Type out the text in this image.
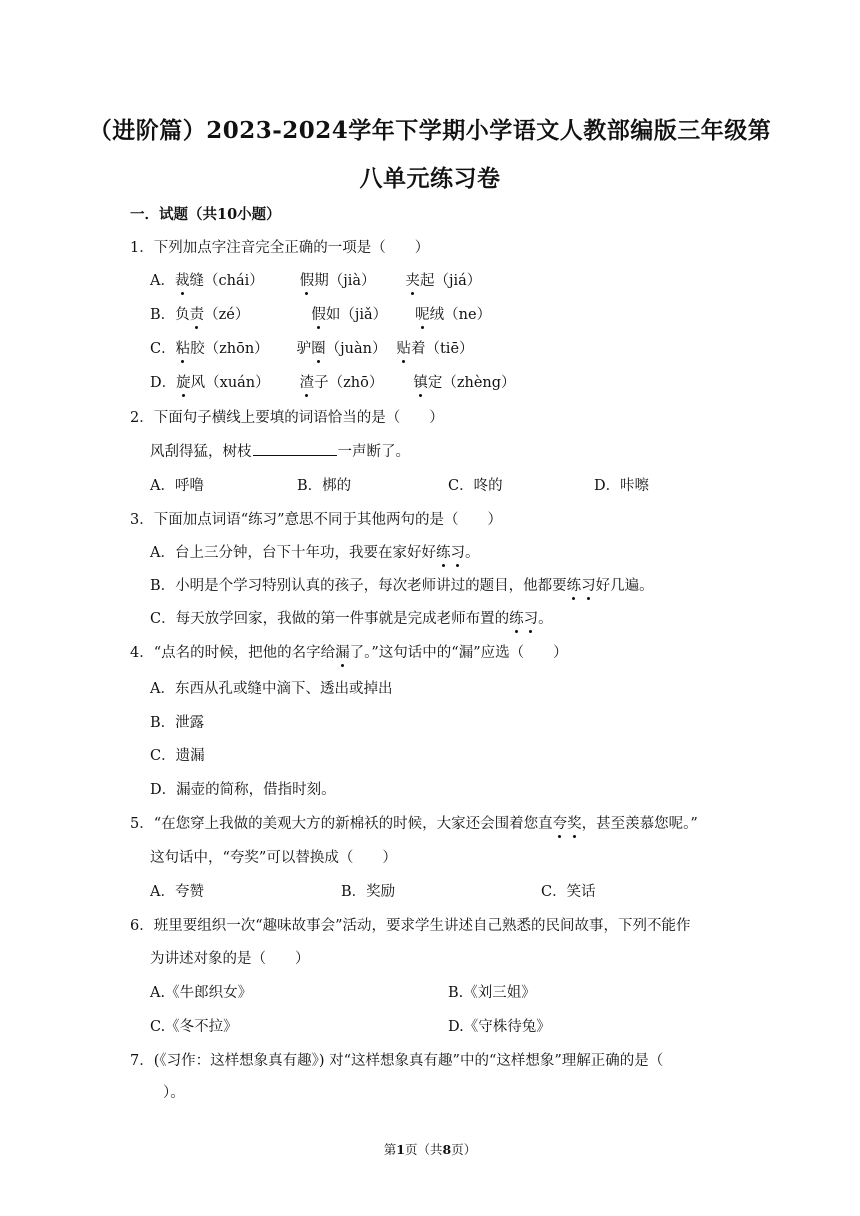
（进阶篇）2023-2024学年下学期小学语文人教部编版三年级第
八单元练习卷
一．试题（共10小题）
1．下列加点字注音完全正确的一项是（　　）
A．裁缝（chái） 假期（jià） 夹起（jiá）
B．负责（zé）	假如（jiǎ） 呢绒（ne）
C．粘胶（zhōn） 驴圈（juàn） 贴着（tiē）
D．旋风（xuán） 渣子（zhō） 镇定（zhèng）
2．下面句子横线上要填的词语恰当的是（　　）
风刮得猛，树枝	一声断了。
A．呼噜	B．梆的	C．咚的	D．咔嚓
3．下面加点词语“练习”意思不同于其他两句的是（　　）
A．台上三分钟，台下十年功，我要在家好好练习。
B．小明是个学习特别认真的孩子，每次老师讲过的题目，他都要练习好几遍。
C．每天放学回家，我做的第一件事就是完成老师布置的练习。
4．“点名的时候，把他的名字给漏了。”这句话中的“漏”应选（　　）
A．东西从孔或缝中滴下、透出或掉出
B．泄露
C．遗漏
D．漏壶的简称，借指时刻。
5．“在您穿上我做的美观大方的新棉袄的时候，大家还会围着您直夸奖，甚至羡慕您呢。”
这句话中，“夸奖”可以替换成（　　）
A．夸赞	B．奖励	C．笑话
6．班里要组织一次“趣味故事会”活动，要求学生讲述自己熟悉的民间故事，下列不能作
为讲述对象的是（　　）
A.《牛郎织女》	B.《刘三姐》
C.《冬不拉》	D.《守株待兔》
7．(《习作：这样想象真有趣》) 对“这样想象真有趣”中的“这样想象”理解正确的是（
）。
第1页（共8页）
